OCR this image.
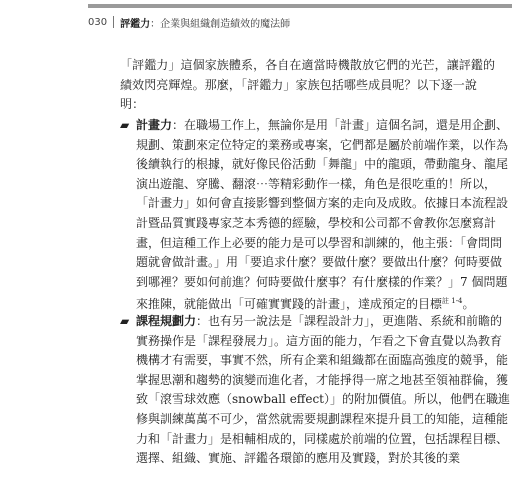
030 評鑑力 ：企業與組織創造績效的魔法師

「評鑑力」這個家族體系，各自在適當時機散放它們的光芒，讓評鑑的績效閃亮輝煌。那麼，「評鑑力」家族包括哪些成員呢？以下逐一說明：

▰ 計畫力：在職場工作上，無論你是用「計畫」這個名詞，還是用企劃、規劃、策劃來定位特定的業務或專案，它們都是屬於前端作業，以作為後續執行的根據，就好像民俗活動「舞龍」中的龍頭，帶動龍身、龍尾演出遊龍、穿騰、翻滾⋯等精彩動作一樣，角色是很吃重的！所以，「計畫力」如何會直接影響到整個方案的走向及成敗。依據日本流程設計暨品質實踐專家芝本秀德的經驗，學校和公司都不會教你怎麼寫計畫，但這種工作上必要的能力是可以學習和訓練的，他主張：「會問問題就會做計畫。」用「要追求什麼？要做什麼？要做出什麼？何時要做到哪裡？要如何前進？何時要做什麼事？有什麼樣的作業？」7 個問題來推陳，就能做出「可確實實踐的計畫」，達成預定的目標$^{註 1-4}$。
▰ 課程規劃力：也有另一說法是「課程設計力」，更進階、系統和前瞻的實務操作是「課程發展力」。這方面的能力，乍看之下會直覺以為教育機構才有需要，事實不然，所有企業和組織都在面臨高強度的競爭，能掌握思潮和趨勢的演變而進化者，才能掙得一席之地甚至領袖群倫，獲致「滾雪球效應（snowball effect）」的附加價值。所以，他們在職進修與訓練萬萬不可少，當然就需要規劃課程來提升員工的知能，這種能力和「計畫力」是相輔相成的，同樣處於前端的位置，包括課程目標、選擇、組織、實施、評鑑各環節的應用及實踐，對於其後的業
